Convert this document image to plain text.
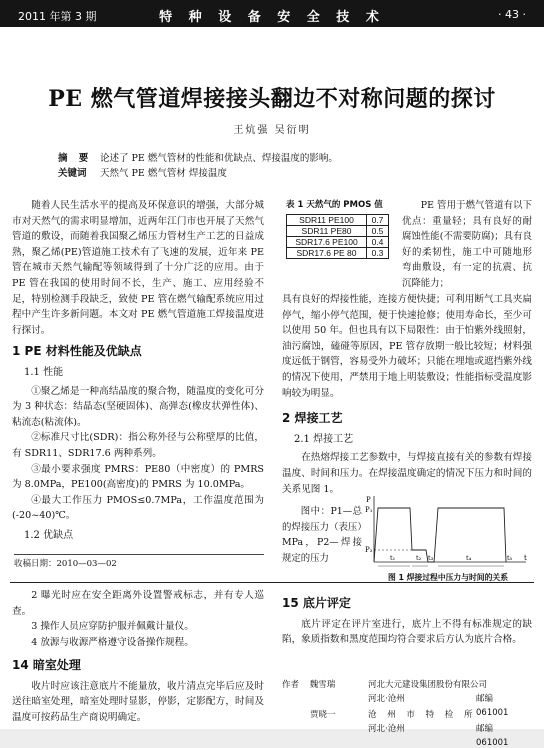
2011 年第 3 期	特 种 设 备 安 全 技 术	· 43 ·
PE 燃气管道焊接接头翻边不对称问题的探讨
王炕强 吴衍明
摘 要 论述了 PE 燃气管材的性能和优缺点、焊接温度的影响。
关键词 天然气 PE 燃气管材 焊接温度

随着人民生活水平的提高及环保意识的增强，大部分城市对天然气的需求明显增加，近两年江门市也开展了天然气管道的敷设，而随着我国聚乙烯压力管材生产工艺的日益成熟，聚乙烯(PE)管道施工技术有了飞速的发展，近年来 PE 管在城市天然气输配等领域得到了十分广泛的应用。由于 PE 管在我国的使用时间不长，生产、施工、应用经验不足，特别检测手段缺乏，致使 PE 管在燃气输配系统应用过程中产生许多新问题。本文对 PE 燃气管道施工焊接温度进行探讨。

1 PE 材料性能及优缺点
1.1 性能

①聚乙烯是一种高结晶度的聚合物，随温度的变化可分为 3 种状态：结晶态(坚硬固体)、高弹态(橡皮状弹性体)、粘流态(粘流体)。

②标准尺寸比(SDR)：指公称外径与公称壁厚的比值，有 SDR11、SDR17.6 两种系列。

③最小要求强度 PMRS：PE80（中密度）的 PMRS 为 8.0MPa，PE100(高密度)的 PMRS 为 10.0MPa。

④最大工作压力 PMOS≤0.7MPa，工作温度范围为(-20~40)℃。

1.2 优缺点
收稿日期：2010—03—02
表 1 天然气的 PMOS 值
SDR11 PE100	0.7
SDR11 PE80	0.5
SDR17.6 PE100	0.4
SDR17.6 PE 80	0.3

PE 管用于燃气管道有以下优点：重量轻；具有良好的耐腐蚀性能(不需要防腐)；具有良好的柔韧性，施工中可随地形弯曲敷设，有一定的抗震、抗沉降能力；

具有良好的焊接性能，连接方便快捷；可利用断气工具夹扁停气，缩小停气范围，便于快速抢修；使用寿命长，至少可以使用 50 年。但也具有以下局限性：由于怕紫外线照射，油污腐蚀，磕碰等原因，PE 管存放期一般比较短；材料强度远低于钢管，容易受外力破坏；只能在埋地或遮挡紫外线的情况下使用，严禁用于地上明装敷设；性能指标受温度影响较为明显。

2 焊接工艺
2.1 焊接工艺

在热熔焊接工艺参数中，与焊接直接有关的参数有焊接温度、时间和压力。在焊接温度确定的情况下压力和时间的关系见图 1。

图中：P1—总的焊接压力（表压）MPa，P2—焊接规定的压力

P
P₁
P₂
t₁	t₂ t₃	t₄	t₅ t
图 1 焊接过程中压力与时间的关系

2 曝光时应在安全距离外设置警戒标志，并有专人巡查。

3 操作人员应穿防护服并佩戴计量仪。

4 放源与收源严格遵守设备操作规程。

14 暗室处理

收片时应该注意底片不能量放，收片清点完毕后应及时送往暗室处理，暗室处理时显影，停影，定影配方，时间及温度可按药品生产商说明确定。

15 底片评定

底片评定在评片室进行，底片上不得有标准规定的缺陷，象质指数和黑度范围均符合要求后方认为底片合格。

作者 魏雪瑞	河北大元建设集团股份有限公司
河北·沧州	邮编 061001
贾晓一	沧 州 市 特 检 所
河北·沧州	邮编 061001
